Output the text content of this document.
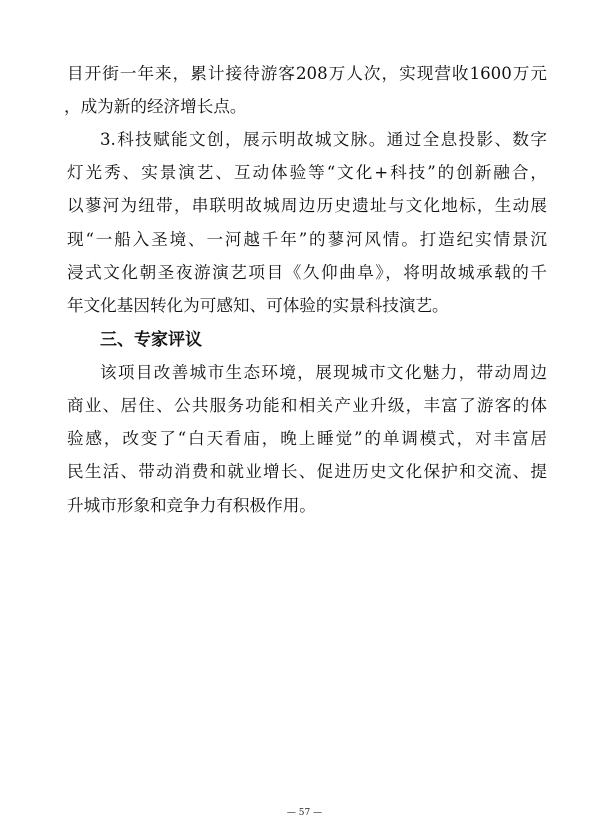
目开街一年来，累计接待游客208万人次，实现营收1600万元
，成为新的经济增长点。
3.科技赋能文创，展示明故城文脉。通过全息投影、数字
灯光秀、实景演艺、互动体验等“文化+科技”的创新融合，
以蓼河为纽带，串联明故城周边历史遗址与文化地标，生动展
现“一船入圣境、一河越千年”的蓼河风情。打造纪实情景沉
浸式文化朝圣夜游演艺项目《久仰曲阜》，将明故城承载的千
年文化基因转化为可感知、可体验的实景科技演艺。
三、专家评议
该项目改善城市生态环境，展现城市文化魅力，带动周边
商业、居住、公共服务功能和相关产业升级，丰富了游客的体
验感，改变了“白天看庙，晚上睡觉”的单调模式，对丰富居
民生活、带动消费和就业增长、促进历史文化保护和交流、提
升城市形象和竞争力有积极作用。
— 57 —
